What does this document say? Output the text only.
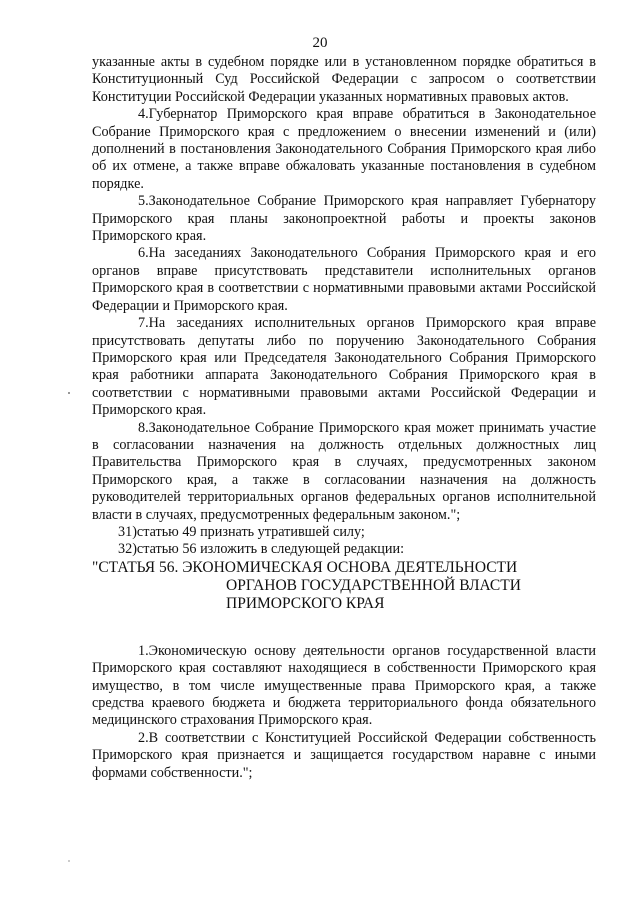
20

указанные акты в судебном порядке или в установленном порядке обратиться в Конституционный Суд Российской Федерации с запросом о соответствии Конституции Российской Федерации указанных нормативных правовых актов.

4.Губернатор Приморского края вправе обратиться в Законодательное Собрание Приморского края с предложением о внесении изменений и (или) дополнений в постановления Законодательного Собрания Приморского края либо об их отмене, а также вправе обжаловать указанные постановления в судебном порядке.

5.Законодательное Собрание Приморского края направляет Губернатору Приморского края планы законопроектной работы и проекты законов Приморского края.

6.На заседаниях Законодательного Собрания Приморского края и его органов вправе присутствовать представители исполнительных органов Приморского края в соответствии с нормативными правовыми актами Российской Федерации и Приморского края.

7.На заседаниях исполнительных органов Приморского края вправе присутствовать депутаты либо по поручению Законодательного Собрания Приморского края или Председателя Законодательного Собрания Приморского края работники аппарата Законодательного Собрания Приморского края в соответствии с нормативными правовыми актами Российской Федерации и Приморского края.

8.Законодательное Собрание Приморского края может принимать участие в согласовании назначения на должность отдельных должностных лиц Правительства Приморского края в случаях, предусмотренных законом Приморского края, а также в согласовании назначения на должность руководителей территориальных органов федеральных органов исполнительной власти в случаях, предусмотренных федеральным законом.";

31)статью 49 признать утратившей силу;

32)статью 56 изложить в следующей редакции:

"СТАТЬЯ 56. ЭКОНОМИЧЕСКАЯ ОСНОВА ДЕЯТЕЛЬНОСТИ
ОРГАНОВ ГОСУДАРСТВЕННОЙ ВЛАСТИ
ПРИМОРСКОГО КРАЯ

1.Экономическую основу деятельности органов государственной власти Приморского края составляют находящиеся в собственности Приморского края имущество, в том числе имущественные права Приморского края, а также средства краевого бюджета и бюджета территориального фонда обязательного медицинского страхования Приморского края.

2.В соответствии с Конституцией Российской Федерации собственность Приморского края признается и защищается государством наравне с иными формами собственности.";
